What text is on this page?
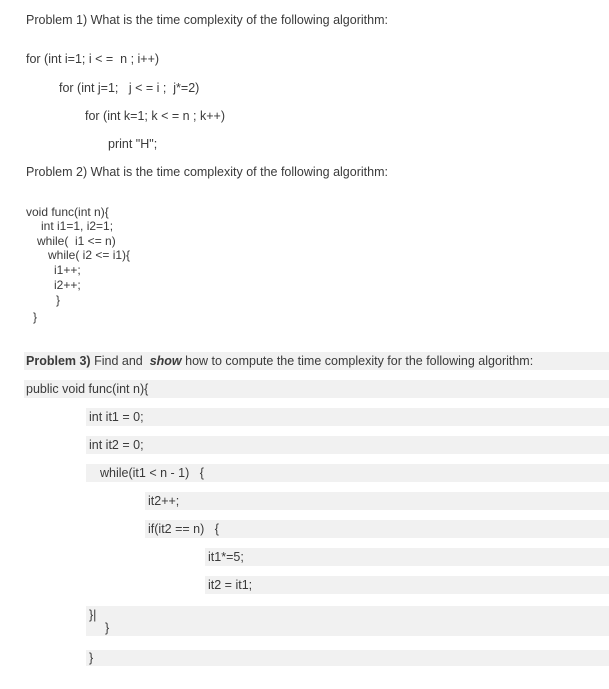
Problem 1) What is the time complexity of the following algorithm:
for (int i=1; i < =  n ; i++)
for (int j=1;   j < = i ;  j*=2)
for (int k=1; k < = n ; k++)
print "H";
Problem 2) What is the time complexity of the following algorithm:
void func(int n){
int i1=1, i2=1;
while(  i1 <= n)
while( i2 <= i1){
i1++;
i2++;
}
}
Problem 3) Find and  show how to compute the time complexity for the following algorithm:
public void func(int n){
int it1 = 0;
int it2 = 0;
while(it1 < n - 1)   {
it2++;
if(it2 == n)   {
it1*=5;
it2 = it1;
}|
}
}
